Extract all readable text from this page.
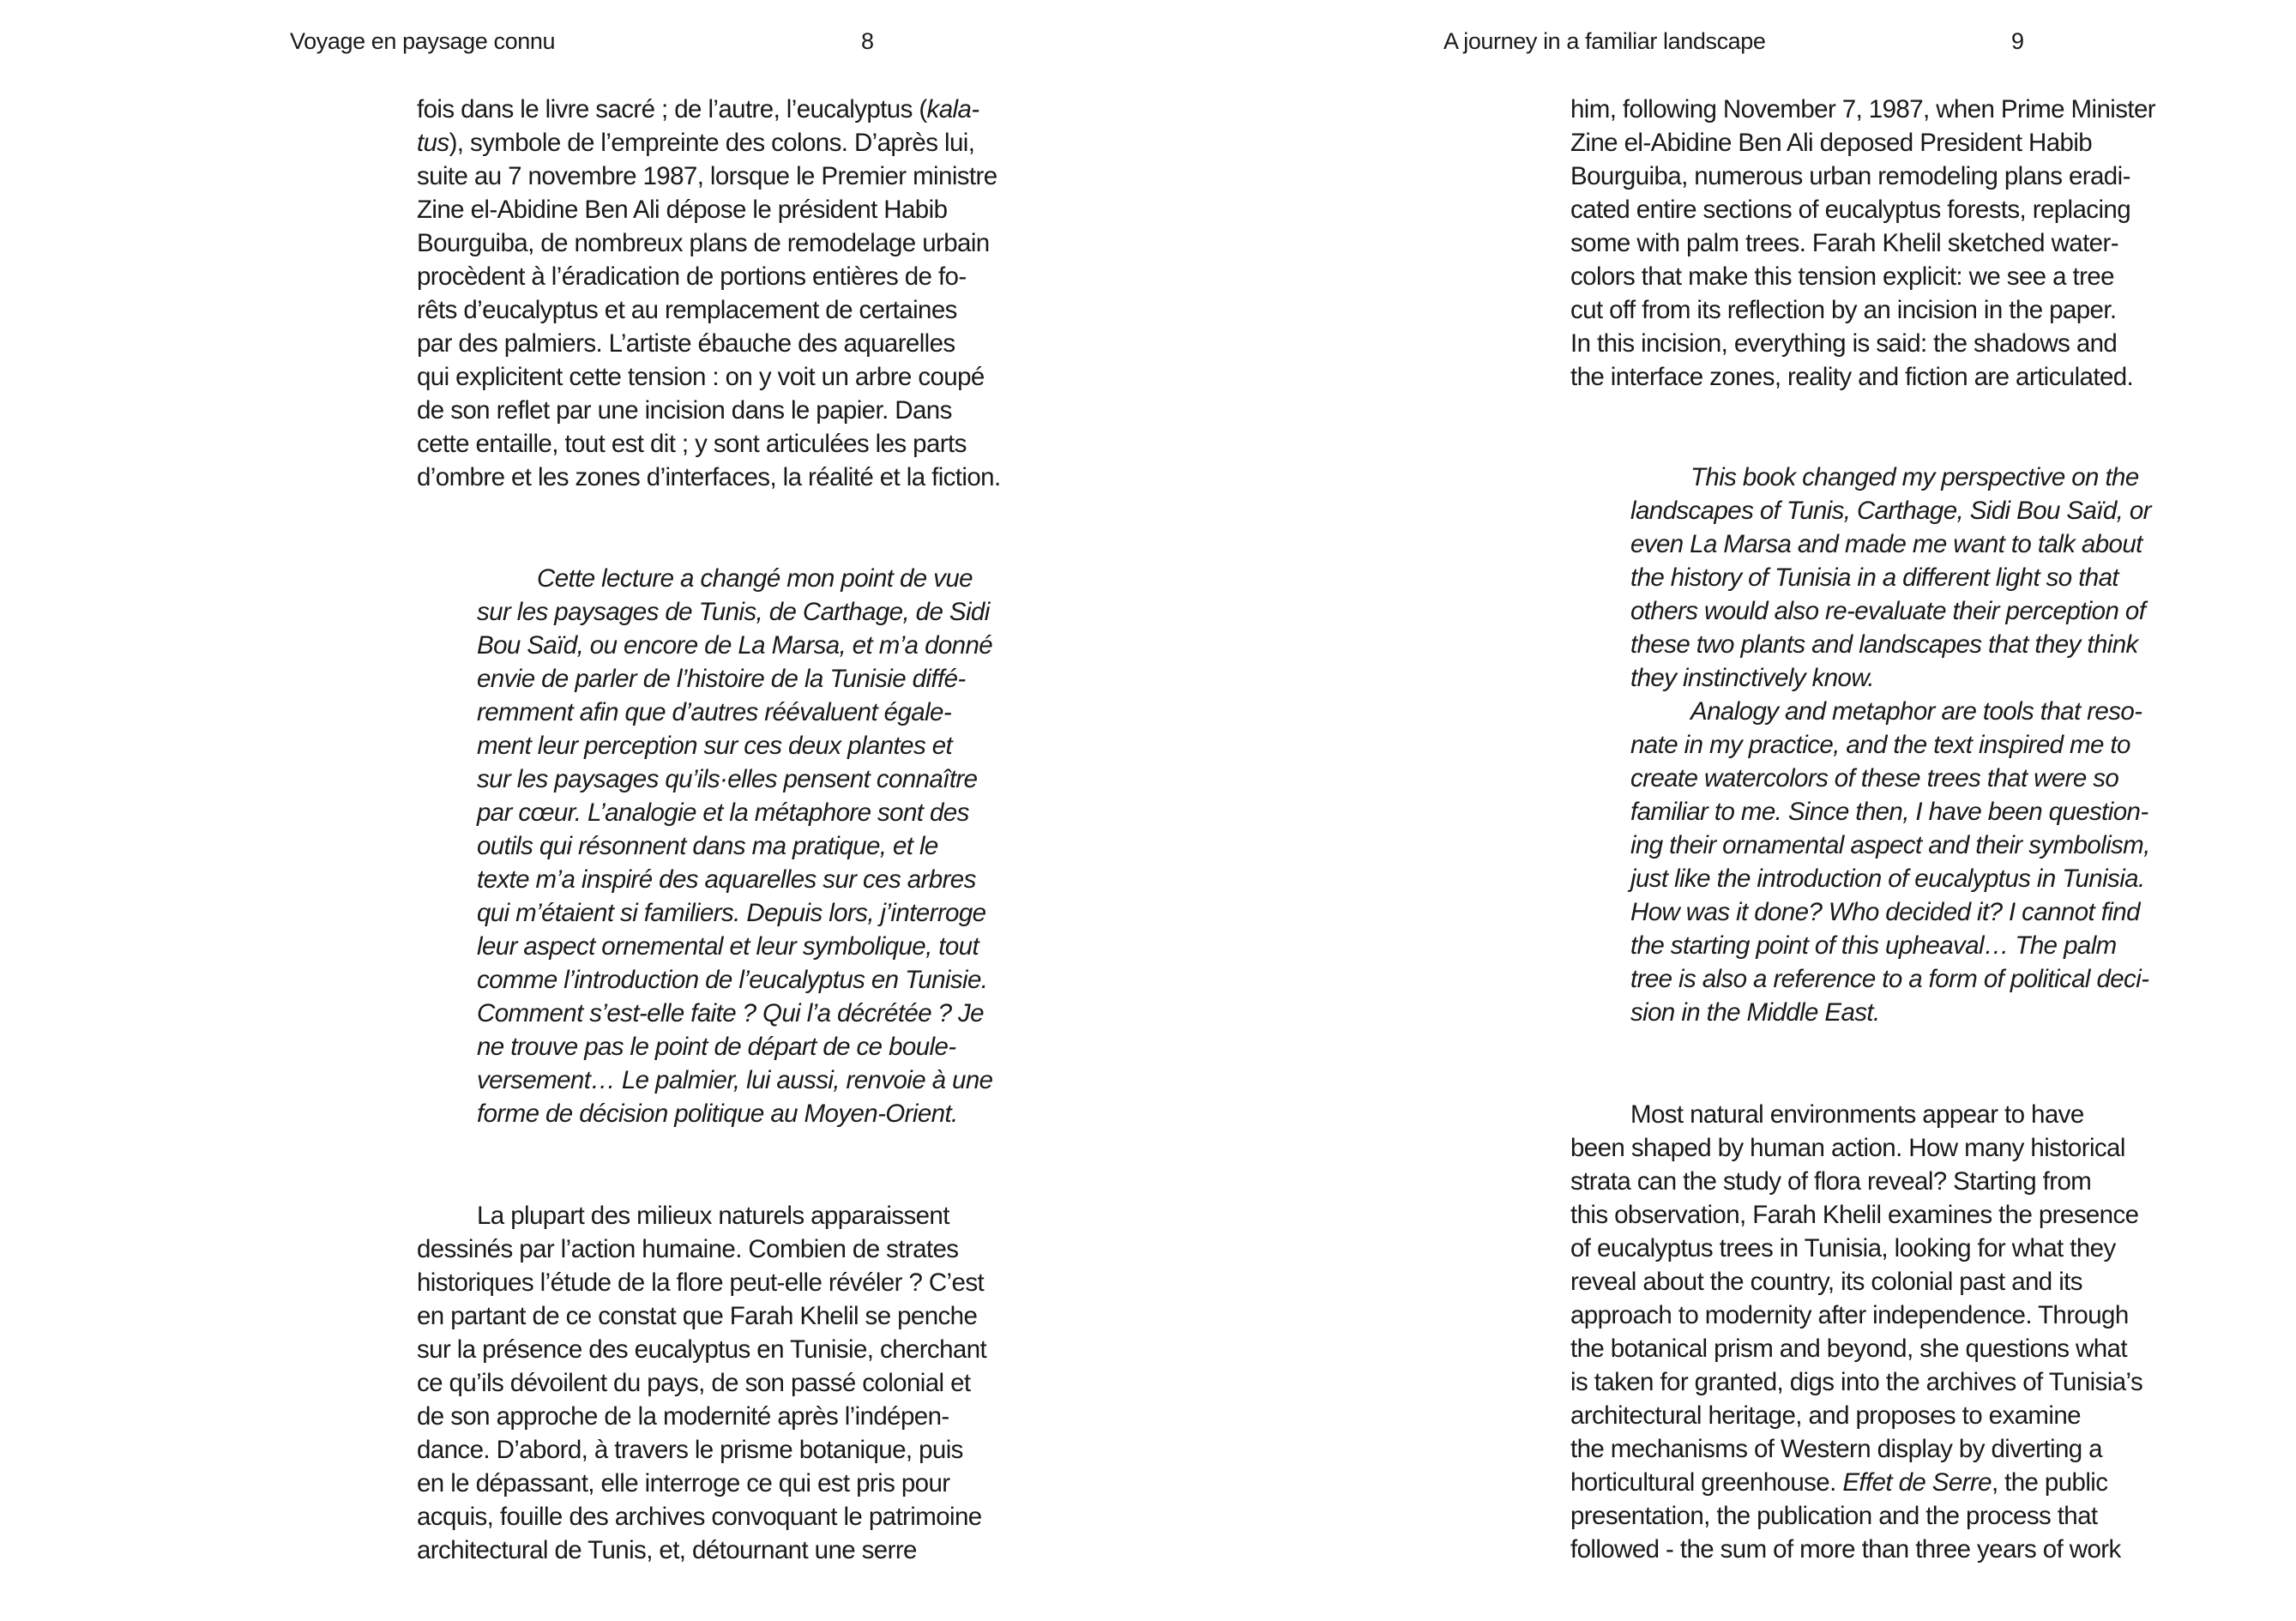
Voyage en paysage connu	8
fois dans le livre sacré ; de l’autre, l’eucalyptus (kala-
tus), symbole de l’empreinte des colons. D’après lui,
suite au 7 novembre 1987, lorsque le Premier ministre
Zine el-Abidine Ben Ali dépose le président Habib
Bourguiba, de nombreux plans de remodelage urbain
procèdent à l’éradication de portions entières de fo-
rêts d’eucalyptus et au remplacement de certaines
par des palmiers. L’artiste ébauche des aquarelles
qui explicitent cette tension : on y voit un arbre coupé
de son reflet par une incision dans le papier. Dans
cette entaille, tout est dit ; y sont articulées les parts
d’ombre et les zones d’interfaces, la réalité et la fiction.
Cette lecture a changé mon point de vue
sur les paysages de Tunis, de Carthage, de Sidi
Bou Saïd, ou encore de La Marsa, et m’a donné
envie de parler de l’histoire de la Tunisie diffé-
remment afin que d’autres réévaluent égale-
ment leur perception sur ces deux plantes et
sur les paysages qu’ils·elles pensent connaître
par cœur. L’analogie et la métaphore sont des
outils qui résonnent dans ma pratique, et le
texte m’a inspiré des aquarelles sur ces arbres
qui m’étaient si familiers. Depuis lors, j’interroge
leur aspect ornemental et leur symbolique, tout
comme l’introduction de l’eucalyptus en Tunisie.
Comment s’est-elle faite ? Qui l’a décrétée ? Je
ne trouve pas le point de départ de ce boule-
versement… Le palmier, lui aussi, renvoie à une
forme de décision politique au Moyen-Orient.
La plupart des milieux naturels apparaissent
dessinés par l’action humaine. Combien de strates
historiques l’étude de la flore peut-elle révéler ? C’est
en partant de ce constat que Farah Khelil se penche
sur la présence des eucalyptus en Tunisie, cherchant
ce qu’ils dévoilent du pays, de son passé colonial et
de son approche de la modernité après l’indépen-
dance. D’abord, à travers le prisme botanique, puis
en le dépassant, elle interroge ce qui est pris pour
acquis, fouille des archives convoquant le patrimoine
architectural de Tunis, et, détournant une serre
A journey in a familiar landscape	9
him, following November 7, 1987, when Prime Minister
Zine el-Abidine Ben Ali deposed President Habib
Bourguiba, numerous urban remodeling plans eradi-
cated entire sections of eucalyptus forests, replacing
some with palm trees. Farah Khelil sketched water-
colors that make this tension explicit: we see a tree
cut off from its reflection by an incision in the paper.
In this incision, everything is said: the shadows and
the interface zones, reality and fiction are articulated.
This book changed my perspective on the
landscapes of Tunis, Carthage, Sidi Bou Saïd, or
even La Marsa and made me want to talk about
the history of Tunisia in a different light so that
others would also re-evaluate their perception of
these two plants and landscapes that they think
they instinctively know.
Analogy and metaphor are tools that reso-
nate in my practice, and the text inspired me to
create watercolors of these trees that were so
familiar to me. Since then, I have been question-
ing their ornamental aspect and their symbolism,
just like the introduction of eucalyptus in Tunisia.
How was it done? Who decided it? I cannot find
the starting point of this upheaval… The palm
tree is also a reference to a form of political deci-
sion in the Middle East.
Most natural environments appear to have
been shaped by human action. How many historical
strata can the study of flora reveal? Starting from
this observation, Farah Khelil examines the presence
of eucalyptus trees in Tunisia, looking for what they
reveal about the country, its colonial past and its
approach to modernity after independence. Through
the botanical prism and beyond, she questions what
is taken for granted, digs into the archives of Tunisia’s
architectural heritage, and proposes to examine
the mechanisms of Western display by diverting a
horticultural greenhouse. Effet de Serre, the public
presentation, the publication and the process that
followed - the sum of more than three years of work
